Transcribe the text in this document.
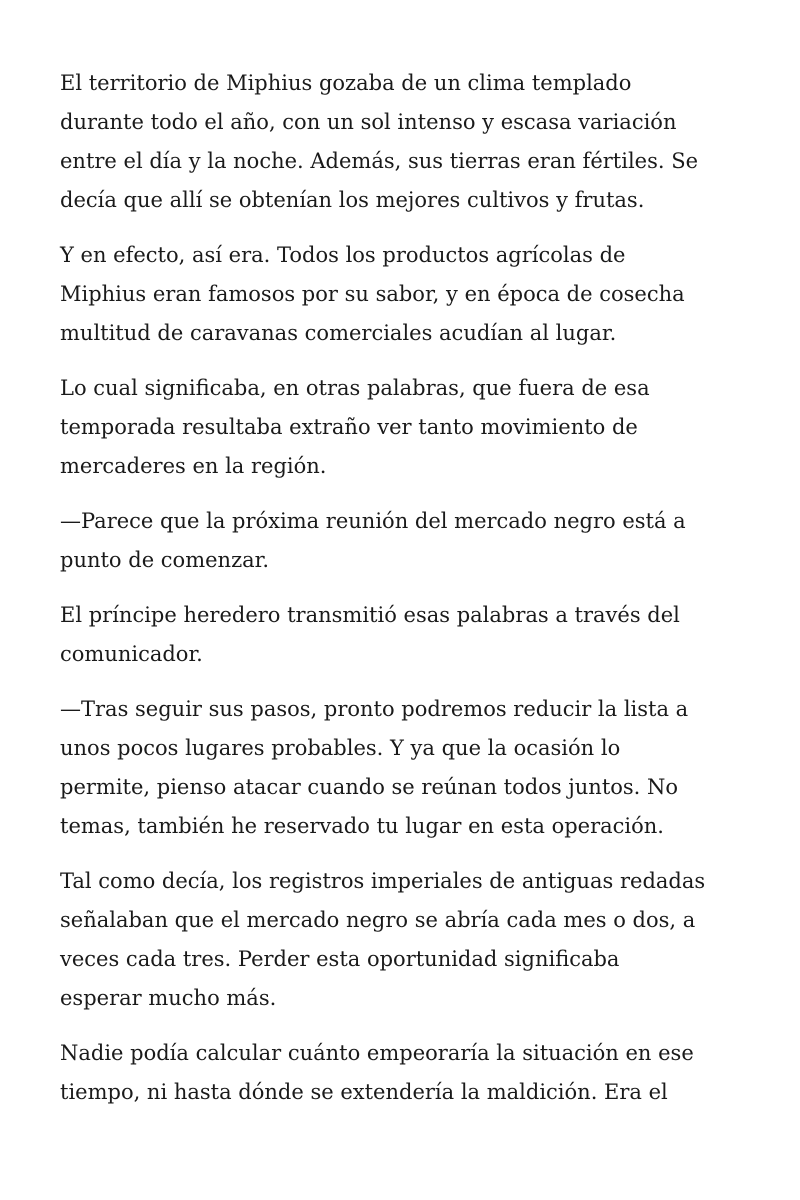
El territorio de Miphius gozaba de un clima templado
durante todo el año, con un sol intenso y escasa variación
entre el día y la noche. Además, sus tierras eran fértiles. Se
decía que allí se obtenían los mejores cultivos y frutas.

Y en efecto, así era. Todos los productos agrícolas de
Miphius eran famosos por su sabor, y en época de cosecha
multitud de caravanas comerciales acudían al lugar.

Lo cual significaba, en otras palabras, que fuera de esa
temporada resultaba extraño ver tanto movimiento de
mercaderes en la región.

—Parece que la próxima reunión del mercado negro está a
punto de comenzar.

El príncipe heredero transmitió esas palabras a través del
comunicador.

—Tras seguir sus pasos, pronto podremos reducir la lista a
unos pocos lugares probables. Y ya que la ocasión lo
permite, pienso atacar cuando se reúnan todos juntos. No
temas, también he reservado tu lugar en esta operación.

Tal como decía, los registros imperiales de antiguas redadas
señalaban que el mercado negro se abría cada mes o dos, a
veces cada tres. Perder esta oportunidad significaba
esperar mucho más.

Nadie podía calcular cuánto empeoraría la situación en ese
tiempo, ni hasta dónde se extendería la maldición. Era el
